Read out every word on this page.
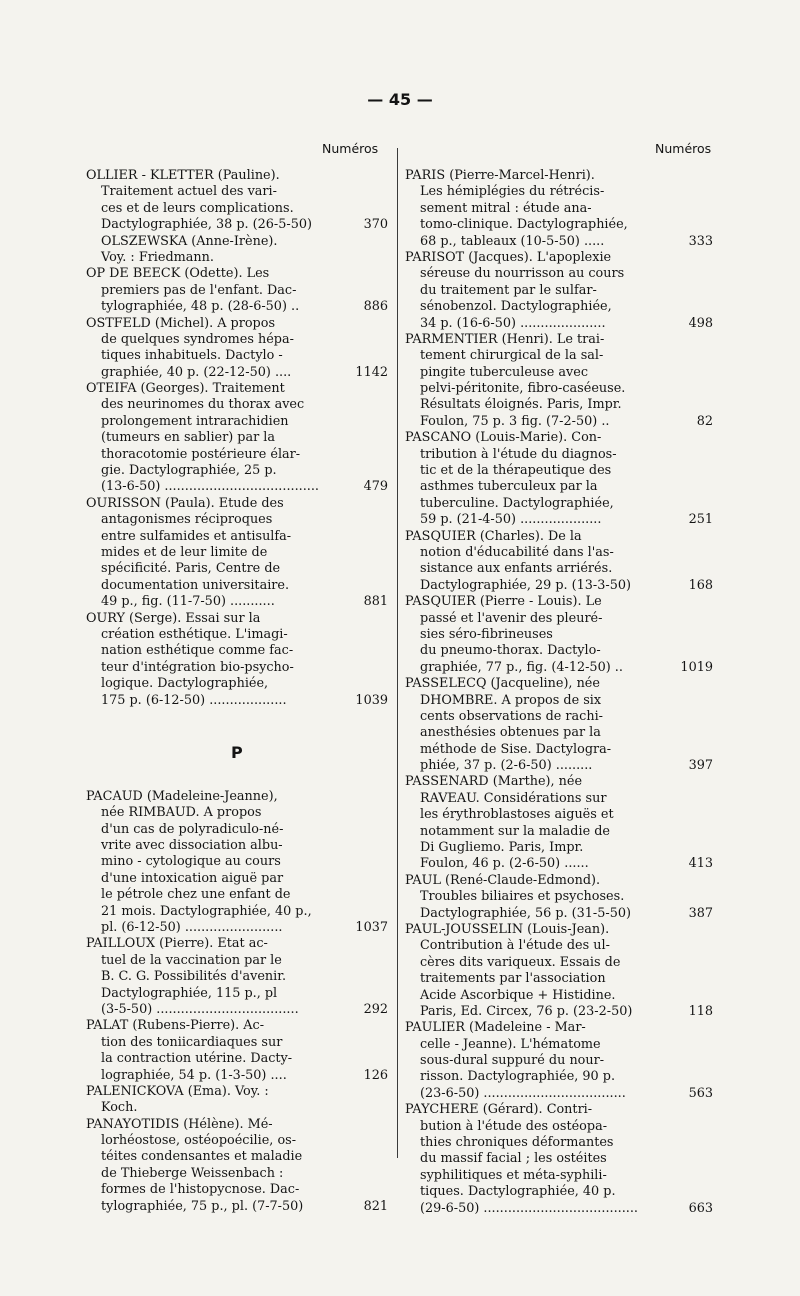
— 45 —
Numéros	Numéros
OLLIER - KLETTER (Pauline).
Traitement actuel des vari-
ces et de leurs complications.
Dactylographiée, 38 p. (26-5-50)	370
OLSZEWSKA (Anne-Irène).
Voy. : Friedmann.
OP DE BEECK (Odette). Les
premiers pas de l'enfant. Dac-
tylographiée, 48 p. (28-6-50) ..	886
OSTFELD (Michel). A propos
de quelques syndromes hépa-
tiques inhabituels. Dactylo -
graphiée, 40 p. (22-12-50) ....	1142
OTEIFA (Georges). Traitement
des neurinomes du thorax avec
prolongement intrarachidien
(tumeurs en sablier) par la
thoracotomie postérieure élar-
gie. Dactylographiée, 25 p.
(13-6-50) ......................................	479
OURISSON (Paula). Etude des
antagonismes réciproques
entre sulfamides et antisulfa-
mides et de leur limite de
spécificité. Paris, Centre de
documentation universitaire.
49 p., fig. (11-7-50) ...........	881
OURY (Serge). Essai sur la
création esthétique. L'imagi-
nation esthétique comme fac-
teur d'intégration bio-psycho-
logique. Dactylographiée,
175 p. (6-12-50) ...................	1039
P
PACAUD (Madeleine-Jeanne),
née RIMBAUD. A propos
d'un cas de polyradiculo-né-
vrite avec dissociation albu-
mino - cytologique au cours
d'une intoxication aiguë par
le pétrole chez une enfant de
21 mois. Dactylographiée, 40 p.,
pl. (6-12-50) ........................	1037
PAILLOUX (Pierre). Etat ac-
tuel de la vaccination par le
B. C. G. Possibilités d'avenir.
Dactylographiée, 115 p., pl
(3-5-50) ...................................	292
PALAT (Rubens-Pierre). Ac-
tion des toniicardiaques sur
la contraction utérine. Dacty-
lographiée, 54 p. (1-3-50) ....	126
PALENICKOVA (Ema). Voy. :
Koch.
PANAYOTIDIS (Hélène). Mé-
lorhéostose, ostéopoécilie, os-
téites condensantes et maladie
de Thieberge Weissenbach :
formes de l'histopycnose. Dac-
tylographiée, 75 p., pl. (7-7-50)	821
PARIS (Pierre-Marcel-Henri).
Les hémiplégies du rétrécis-
sement mitral : étude ana-
tomo-clinique. Dactylographiée,
68 p., tableaux (10-5-50) .....	333
PARISOT (Jacques). L'apoplexie
séreuse du nourrisson au cours
du traitement par le sulfar-
sénobenzol. Dactylographiée,
34 p. (16-6-50) .....................	498
PARMENTIER (Henri). Le trai-
tement chirurgical de la sal-
pingite tuberculeuse avec
pelvi-péritonite, fibro-caséeuse.
Résultats éloignés. Paris, Impr.
Foulon, 75 p. 3 fig. (7-2-50) ..	82
PASCANO (Louis-Marie). Con-
tribution à l'étude du diagnos-
tic et de la thérapeutique des
asthmes tuberculeux par la
tuberculine. Dactylographiée,
59 p. (21-4-50) ....................	251
PASQUIER (Charles). De la
notion d'éducabilité dans l'as-
sistance aux enfants arriérés.
Dactylographiée, 29 p. (13-3-50)	168
PASQUIER (Pierre - Louis). Le
passé et l'avenir des pleuré-
sies séro-fibrineuses
du pneumo-thorax. Dactylo-
graphiée, 77 p., fig. (4-12-50) ..	1019
PASSELECQ (Jacqueline), née
DHOMBRE. A propos de six
cents observations de rachi-
anesthésies obtenues par la
méthode de Sise. Dactylogra-
phiée, 37 p. (2-6-50) .........	397
PASSENARD (Marthe), née
RAVEAU. Considérations sur
les érythroblastoses aiguës et
notamment sur la maladie de
Di Gugliemo. Paris, Impr.
Foulon, 46 p. (2-6-50) ......	413
PAUL (René-Claude-Edmond).
Troubles biliaires et psychoses.
Dactylographiée, 56 p. (31-5-50)	387
PAUL-JOUSSELIN (Louis-Jean).
Contribution à l'étude des ul-
cères dits variqueux. Essais de
traitements par l'association
Acide Ascorbique + Histidine.
Paris, Ed. Circex, 76 p. (23-2-50)	118
PAULIER (Madeleine - Mar-
celle - Jeanne). L'hématome
sous-dural suppuré du nour-
risson. Dactylographiée, 90 p.
(23-6-50) ...................................	563
PAYCHERE (Gérard). Contri-
bution à l'étude des ostéopa-
thies chroniques déformantes
du massif facial ; les ostéites
syphilitiques et méta-syphili-
tiques. Dactylographiée, 40 p.
(29-6-50) ......................................	663
